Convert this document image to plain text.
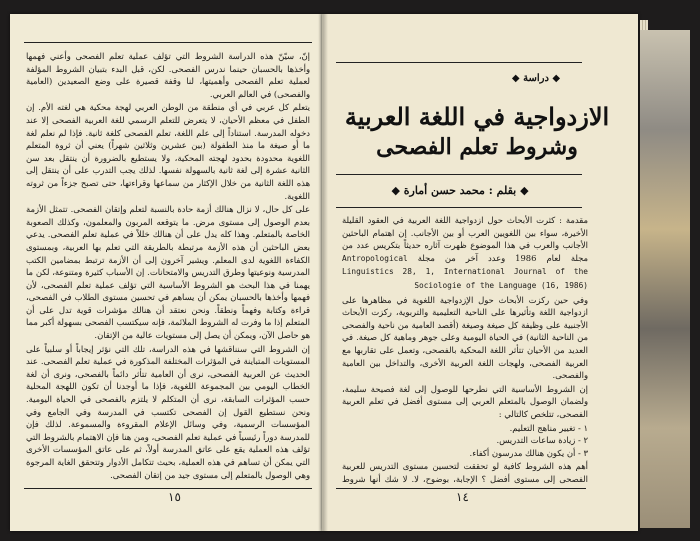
إنّ، سيّنّ هذه الدراسة الشروط التي تؤلف عملية تعلم الفصحى وأعني فهمها وأخذها بالحسبان حينما ندرس الفصحى. لكن، قبل البدء بتبيان الشروط المؤلفة لعملية تعلم الفصحى وأهميتها، لنا وقفة قصيرة على وضع الصعيدين (العامية والفصحى) في العالم العربي.

يتعلم كل عربي في أي منطقة من الوطن العربي لهجة محكية هي لغته الأم. إن الطفل في معظم الأحيان، لا يتعرض للتعلم الرسمي للغة العربية الفصحى إلا عند دخوله المدرسة. استناداً إلى علم اللغة، تعلم الفصحى كلغة ثانية. فإذا لم نعلم لغة ما أو صيغة ما منذ الطفولة (بين عشرين وثلاثين شهراً) يعني أن ثروة المتعلم اللغوية محدودة بحدود لهجته المحكية، ولا يستطيع بالضرورة أن ينتقل بعد سن الثانية عشرة إلى لغة ثانية بالسهولة نفسها. لذلك يجب التدرب على أن ينتقل إلى هذه اللغة الثانية من خلال الإكثار من سماعها وقراءتها، حتى تصبح جزءاً من ثروته اللغوية.

على كل حال، لا نزال هنالك أزمة حادة بالنسبة لتعلم وإتقان الفصحى. تتمثل الأزمة بعدم الوصول إلى مستوى مرض. ما يتوقعه المربون والمعلمون، وكذلك الصعوبة الخاصة بالمتعلم. وهذا كله يدل على أن هنالك خللاً في عملية تعلم الفصحى. يدعي بعض الباحثين أن هذه الأزمة مرتبطة بالطريقة التي تعلم بها العربية، وبمستوى الكفاءة اللغوية لدى المعلم. ويشير آخرون إلى أن الأزمة ترتبط بمضامين الكتب المدرسية ونوعيتها وطرق التدريس والامتحانات. إن الأسباب كثيرة ومتنوعة، لكن ما يهمنا في هذا البحث هو الشروط الأساسية التي تؤلف عملية تعلم الفصحى، لأن فهمها وأخذها بالحسبان يمكن أن يساهم في تحسين مستوى الطلاب في الفصحى، قراءة وكتابة وفهماً ونطقاً. ونحن نعتقد أن هنالك مؤشرات قوية تدل على أن المتعلم إذا ما وفرت له الشروط الملائمة، فإنه سيكتسب الفصحى بسهولة أكبر مما هو حاصل الآن، ويمكن أن يصل إلى مستويات عالية من الإتقان.

إن الشروط التي سنناقشها في هذه الدراسة، تلك التي نؤثر إيجاباً أو سلبياً على المستويات المتباينة في المؤثرات المختلفة المذكورة في عملية تعلم الفصحى. عند الحديث عن العربية الفصحى، نرى أن العامية تتأثر دائماً بالفصحى، ونرى أن لغة الخطاب اليومي بين المجموعة اللغوية، فإذا ما أوجدنا أن تكون اللهجة المحلية حسب المؤثرات السابقة، نرى أن المتكلم لا يلتزم بالفصحى في الحياة اليومية. ونحن نستطيع القول إن الفصحى تكتسب في المدرسة وفي الجامع وفي المؤسسات الرسمية، وفي وسائل الإعلام المقروءة والمسموعة. لذلك فإن للمدرسة دوراً رئيسياً في عملية تعلم الفصحى، ومن هنا فإن الاهتمام بالشروط التي تؤلف هذه العملية يقع على عاتق المدرسة أولاً، ثم على عاتق المؤسسات الأخرى التي يمكن أن تساهم في هذه العملية، بحيث تتكامل الأدوار وتتحقق الغاية المرجوة وهي الوصول بالمتعلم إلى مستوى جيد من إتقان الفصحى.

١٥
◆ دراسة ◆
الازدواجية في اللغة العربية
وشروط تعلم الفصحى
◆ بقلم : محمد حسن أمارة ◆

مقدمة : كثرت الأبحاث حول ازدواجية اللغة العربية في العقود القليلة الأخيرة، سواء بين اللغويين العرب أو بين الأجانب. إن اهتمام الباحثين الأجانب والعرب في هذا الموضوع ظهرت آثاره حديثاً بتكريس عدد من مجلة لعام 1986 وعدد آخر من مجلة Antropological Linguistics 28, 1, International Journal of the Sociologie of the Language (16, 1986)

وفي حين ركزت الأبحاث حول الإزدواجية اللغوية في مظاهرها على ازدواجية اللغة وتأثيرها على الناحية التعليمية والتربوية، ركزت الأبحاث الأجنبية على وظيفة كل صيغة وصيغة (أقصد العامية من ناحية والفصحى من الناحية الثانية) في الحياة اليومية وعلى جوهر وماهية كل صيغة. في العديد من الأحيان تتأثر اللغة المحكية بالفصحى، وتعمل على تقاربها مع العربية الفصحى، ولهجات اللغة العربية الأخرى، والتداخل بين العامية والفصحى.

إن الشروط الأساسية التي نطرحها للوصول إلى لغة فصيحة سليمة، ولضمان الوصول بالمتعلم العربي إلى مستوى أفضل في تعلم العربية الفصحى، تتلخص كالتالي :

١ - تغيير مناهج التعليم.
٢ - زيادة ساعات التدريس.
٣ - أن يكون هنالك مدرسون أكفاء.

أهم هذه الشروط كافية لو تحققت لتحسين مستوى التدريس للعربية الفصحى إلى مستوى أفضل ؟ الإجابة، بوضوح، لا. لا شك أنها شروط

١٤
